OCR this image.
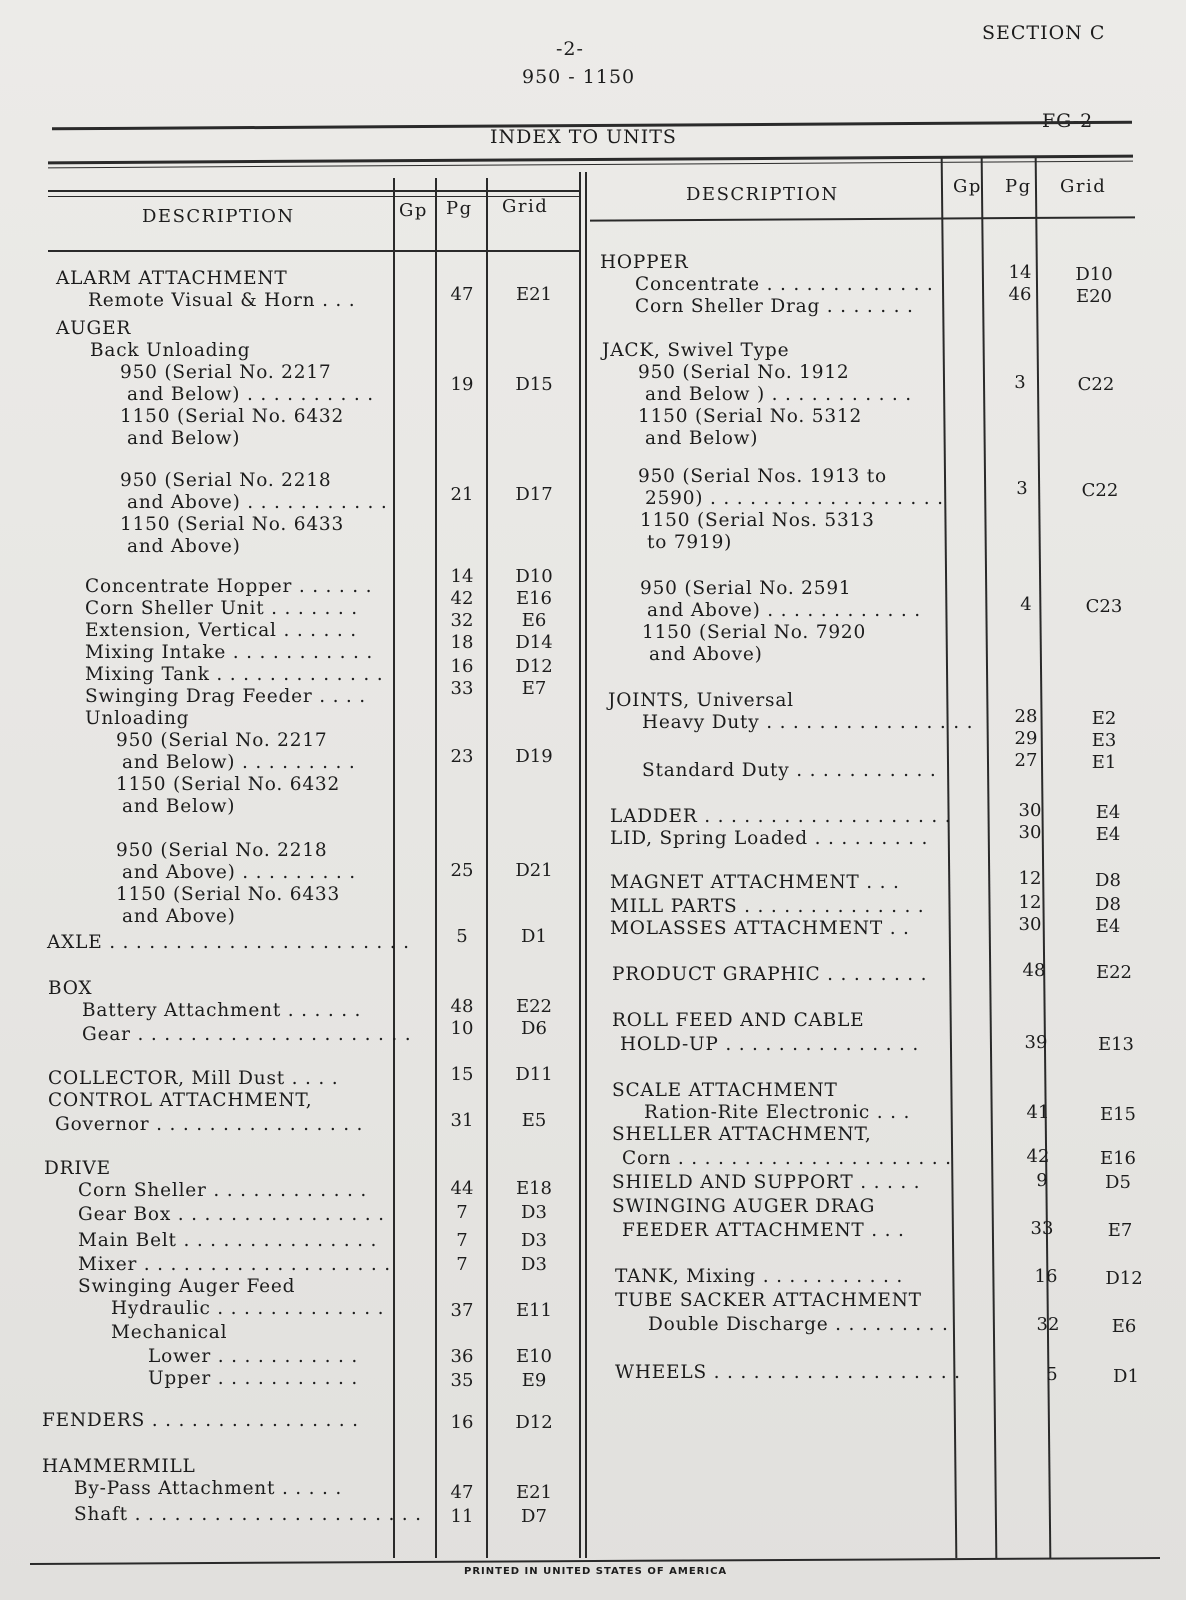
-2-
950 - 1150
SECTION C
INDEX TO UNITS
DESCRIPTION	Gp Pg Grid
DESCRIPTION	Gp Pg Grid
ALARM ATTACHMENT
Remote Visual & Horn . . .
AUGER
Back Unloading
950 (Serial No. 2217
and Below) . . . . . . . . . .
1150 (Serial No. 6432
and Below)
950 (Serial No. 2218
and Above) . . . . . . . . . . .
1150 (Serial No. 6433
and Above)
Concentrate Hopper . . . . . .
Corn Sheller Unit . . . . . . .
Extension, Vertical . . . . . .
Mixing Intake . . . . . . . . . . .
Mixing Tank . . . . . . . . . . . . .
Swinging Drag Feeder . . . .
Unloading
950 (Serial No. 2217
and Below) . . . . . . . . .
1150 (Serial No. 6432
and Below)
950 (Serial No. 2218
and Above) . . . . . . . . .
1150 (Serial No. 6433
and Above)
AXLE . . . . . . . . . . . . . . . . . . . . . . .
BOX
Battery Attachment . . . . . .
Gear . . . . . . . . . . . . . . . . . . . . .
COLLECTOR, Mill Dust . . . .
CONTROL ATTACHMENT,
Governor . . . . . . . . . . . . . . . .
DRIVE
Corn Sheller . . . . . . . . . . . .
Gear Box . . . . . . . . . . . . . . . .
Main Belt . . . . . . . . . . . . . . .
Mixer . . . . . . . . . . . . . . . . . . .
Swinging Auger Feed
Hydraulic . . . . . . . . . . . . .
Mechanical
Lower . . . . . . . . . . .
Upper . . . . . . . . . . .
FENDERS . . . . . . . . . . . . . . . .
HAMMERMILL
By-Pass Attachment . . . . .
Shaft . . . . . . . . . . . . . . . . . . . . . .
47
19
21
14
42
32
18
16
33
23
25
5
48
10
15
31
44
7
7
7
37
36
35
16
47
11
E21
D15
D17
D10
E16
E6
D14
D12
E7
D19
D21
D1
E22
D6
D11
E5
E18
D3
D3
D3
E11
E10
E9
D12
E21
D7
HOPPER
Concentrate . . . . . . . . . . . . .
Corn Sheller Drag . . . . . . .
JACK, Swivel Type
950 (Serial No. 1912
and Below ) . . . . . . . . . . .
1150 (Serial No. 5312
and Below)
950 (Serial Nos. 1913 to
2590) . . . . . . . . . . . . . . . . . .
1150 (Serial Nos. 5313
to 7919)
950 (Serial No. 2591
and Above) . . . . . . . . . . . .
1150 (Serial No. 7920
and Above)
JOINTS, Universal
Heavy Duty . . . . . . . . . . . . . . . .
Standard Duty . . . . . . . . . . .
LADDER . . . . . . . . . . . . . . . . . . .
LID, Spring Loaded . . . . . . . . .
MAGNET ATTACHMENT . . .
MILL PARTS . . . . . . . . . . . . . .
MOLASSES ATTACHMENT . .
PRODUCT GRAPHIC . . . . . . . .
ROLL FEED AND CABLE
HOLD-UP . . . . . . . . . . . . . . .
SCALE ATTACHMENT
Ration-Rite Electronic . . .
SHELLER ATTACHMENT,
Corn . . . . . . . . . . . . . . . . . . . . .
SHIELD AND SUPPORT . . . . .
SWINGING AUGER DRAG
FEEDER ATTACHMENT . . .
TANK, Mixing . . . . . . . . . . .
TUBE SACKER ATTACHMENT
Double Discharge . . . . . . . . .
WHEELS . . . . . . . . . . . . . . . . . . .
14
46
3
3
4
28
29
27
30
30
12
12
30
48
39
41
42
9
33
16
32
5
D10
E20
C22
C22
C23
E2
E3
E1
E4
E4
D8
D8
E4
E22
E13
E15
E16
D5
E7
D12
E6
D1
PRINTED IN UNITED STATES OF AMERICA
